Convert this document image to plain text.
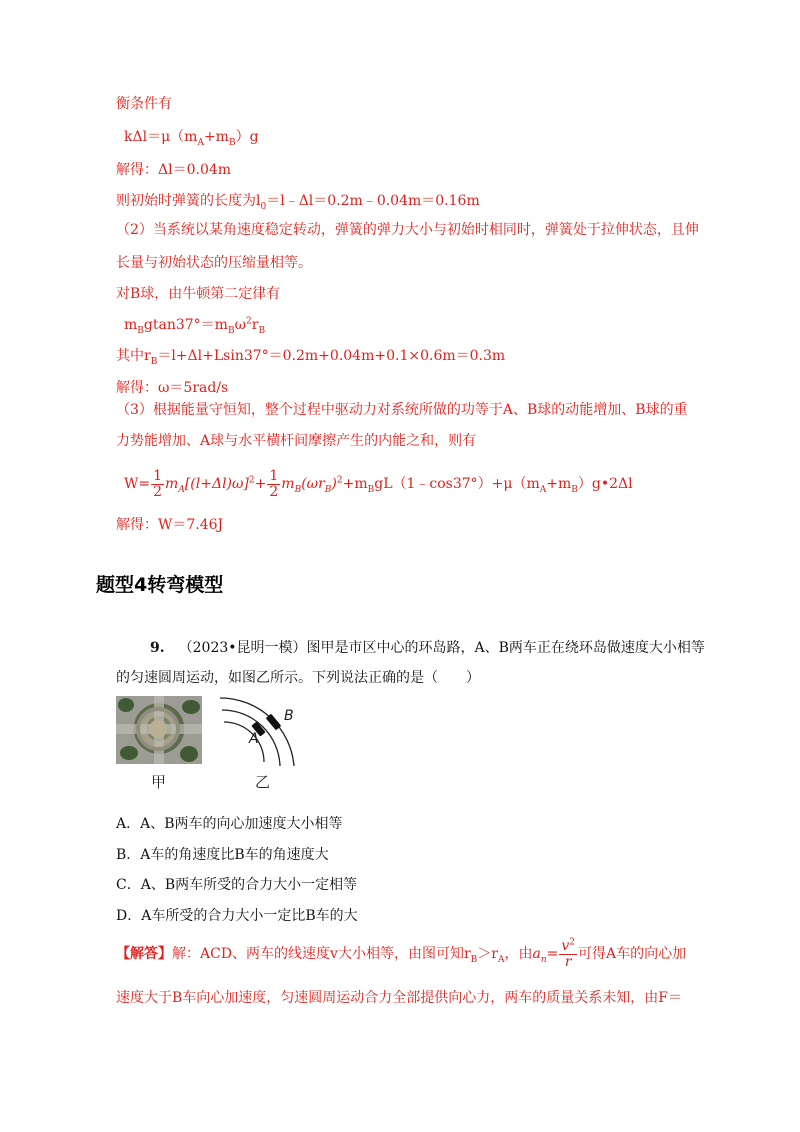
衡条件有
$k\Delta l=\mu(m_A+m_B)g$
解得：Δl＝0.04m
则初始时弹簧的长度为$l_0=l﹣\Delta l=0.2m﹣0.04m=0.16m$
（2）当系统以某角速度稳定转动，弹簧的弹力大小与初始时相同时，弹簧处于拉伸状态，且伸
长量与初始状态的压缩量相等。
对B球，由牛顿第二定律有
$m_Bgtan37^\circ=m_B\omega^2r_B$
其中$r_B=l+\Delta l+Lsin37^\circ=0.2m+0.04m+0.1\times 0.6m=0.3m$
解得：ω＝5rad/s
（3）根据能量守恒知，整个过程中驱动力对系统所做的功等于A、B球的动能增加、B球的重
力势能增加、A球与水平横杆间摩擦产生的内能之和，则有
$W= \frac{1}{2} m_A[(l+\Delta l)\omega]^2+ \frac{1}{2}$ $m_B(\omega r_B)^2+m_BgL(1﹣\cos 37^\circ)+\mu(m_A+m_B)g•2\Delta l$
解得：W＝7.46J
题型4转弯模型
9. （2023•昆明一模）图甲是市区中心的环岛路，A、B两车正在绕环岛做速度大小相等
的匀速圆周运动，如图乙所示。下列说法正确的是（　　）
甲
A
B
乙
A．A、B两车的向心加速度大小相等
B．A车的角速度比B车的角速度大
C．A、B两车所受的合力大小一定相等
D．A车所受的合力大小一定比B车的大
【解答】解：ACD、两车的线速度v大小相等，由图可知$r_B>r_A$，由$a_n= \frac{v^2}{r}$ 可得A车的向心加
速度大于B车向心加速度，匀速圆周运动合力全部提供向心力，两车的质量关系未知，由F＝
